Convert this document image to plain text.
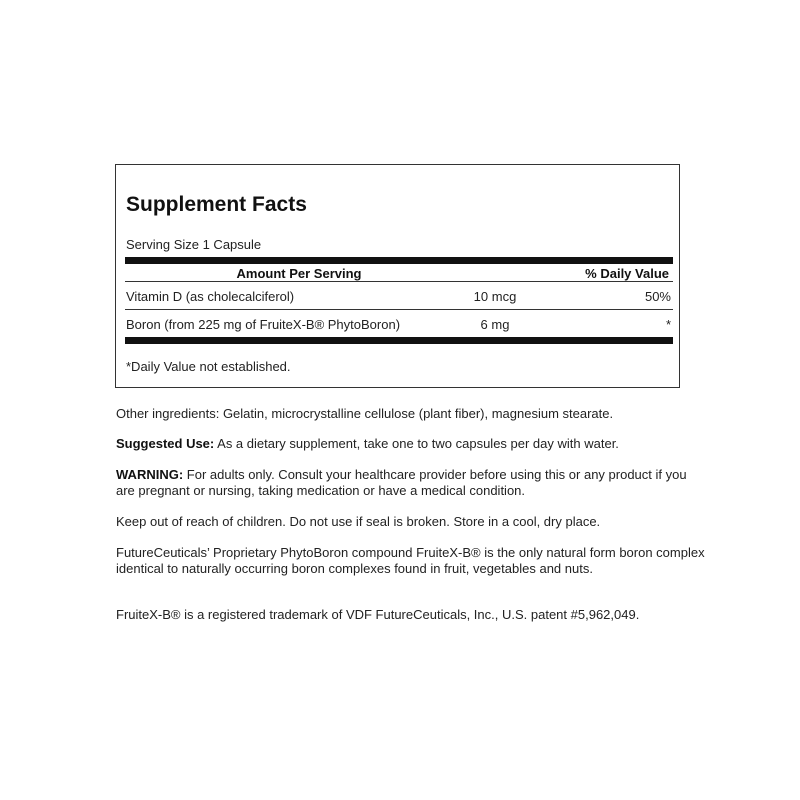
Supplement Facts
Serving Size 1 Capsule
Amount Per Serving	% Daily Value
Vitamin D (as cholecalciferol)	10 mcg	50%
Boron (from 225 mg of FruiteX-B® PhytoBoron)	6 mg	*
*Daily Value not established.

Other ingredients: Gelatin, microcrystalline cellulose (plant fiber), magnesium stearate.

Suggested Use: As a dietary supplement, take one to two capsules per day with water.

WARNING: For adults only. Consult your healthcare provider before using this or any product if you are pregnant or nursing, taking medication or have a medical condition.

Keep out of reach of children. Do not use if seal is broken. Store in a cool, dry place.

FutureCeuticals’ Proprietary PhytoBoron compound FruiteX-B® is the only natural form boron complex identical to naturally occurring boron complexes found in fruit, vegetables and nuts.

FruiteX-B® is a registered trademark of VDF FutureCeuticals, Inc., U.S. patent #5,962,049.
